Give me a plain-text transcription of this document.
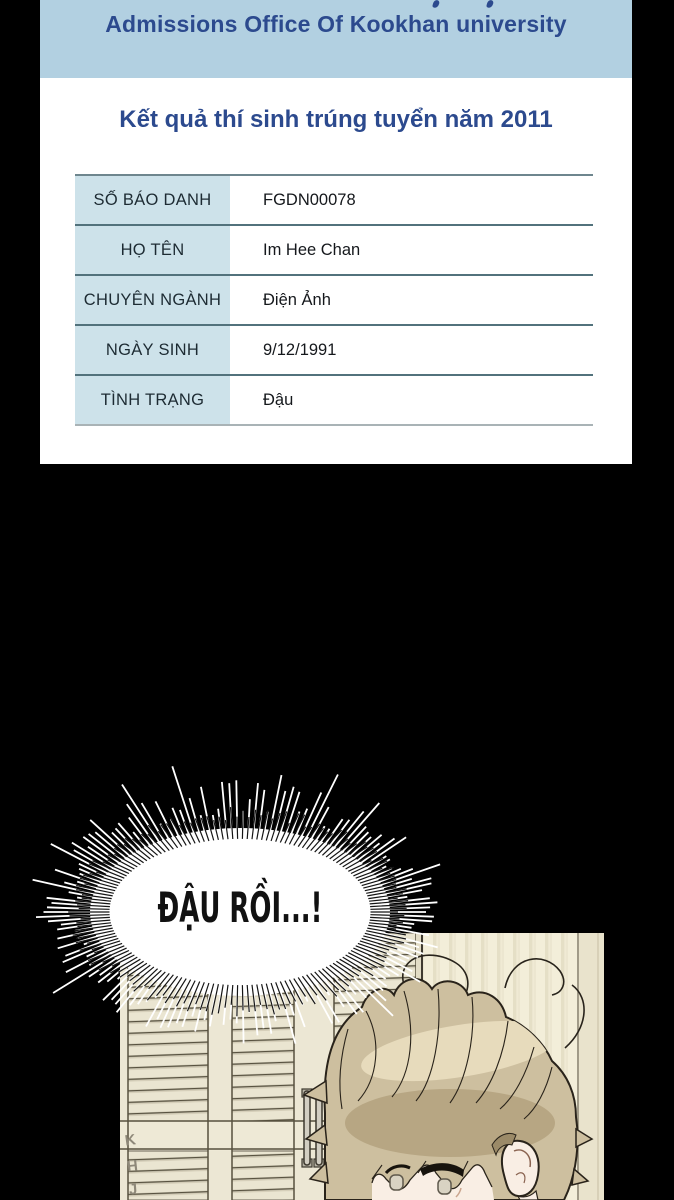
Admissions Office Of Kookhan university
Kết quả thí sinh trúng tuyển năm 2011
SỐ BÁO DANH	FGDN00078
HỌ TÊN	Im Hee Chan
CHUYÊN NGÀNH	Điện Ảnh
NGÀY SINH	9/12/1991
TÌNH TRẠNG	Đậu
K
H
J
ĐẬU RỒI...!
